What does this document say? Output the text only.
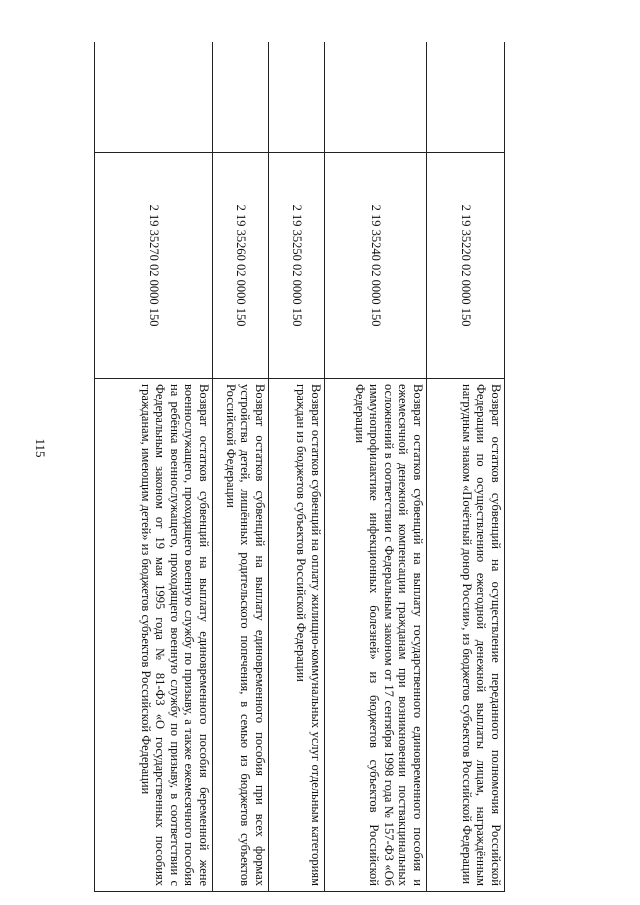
115
	2 19 35220 02 0000 150	Возврат остатков субвенций на осуществление переданного полномочия Российской Федерации по осуществлению ежегодной денежной выплаты лицам, награждённым нагрудным знаком «Почётный донор России», из бюджетов субъектов Российской Федерации
	2 19 35240 02 0000 150	Возврат остатков субвенций на выплату государственного единовременного пособия и ежемесячной денежной компенсации гражданам при возникновении поствакцинальных осложнений в соответствии с Федеральным законом от 17 сентября 1998 года № 157-ФЗ «Об иммунопрофилактике инфекционных болезней» из бюджетов субъектов Российской Федерации
	2 19 35250 02 0000 150	Возврат остатков субвенций на оплату жилищно-коммунальных услуг отдельным категориям граждан из бюджетов субъектов Российской Федерации
	2 19 35260 02 0000 150	Возврат остатков субвенций на выплату единовременного пособия при всех формах устройства детей, лишённых родительского попечения, в семью из бюджетов субъектов Российской Федерации
	2 19 35270 02 0000 150	Возврат остатков субвенций на выплату единовременного пособия беременной жене военнослужащего, проходящего военную службу по призыву, а также ежемесячного пособия на ребёнка военнослужащего, проходящего военную службу по призыву, в соответствии с Федеральным законом от 19 мая 1995 года № 81-ФЗ «О государственных пособиях гражданам, имеющим детей» из бюджетов субъектов Российской Федерации
